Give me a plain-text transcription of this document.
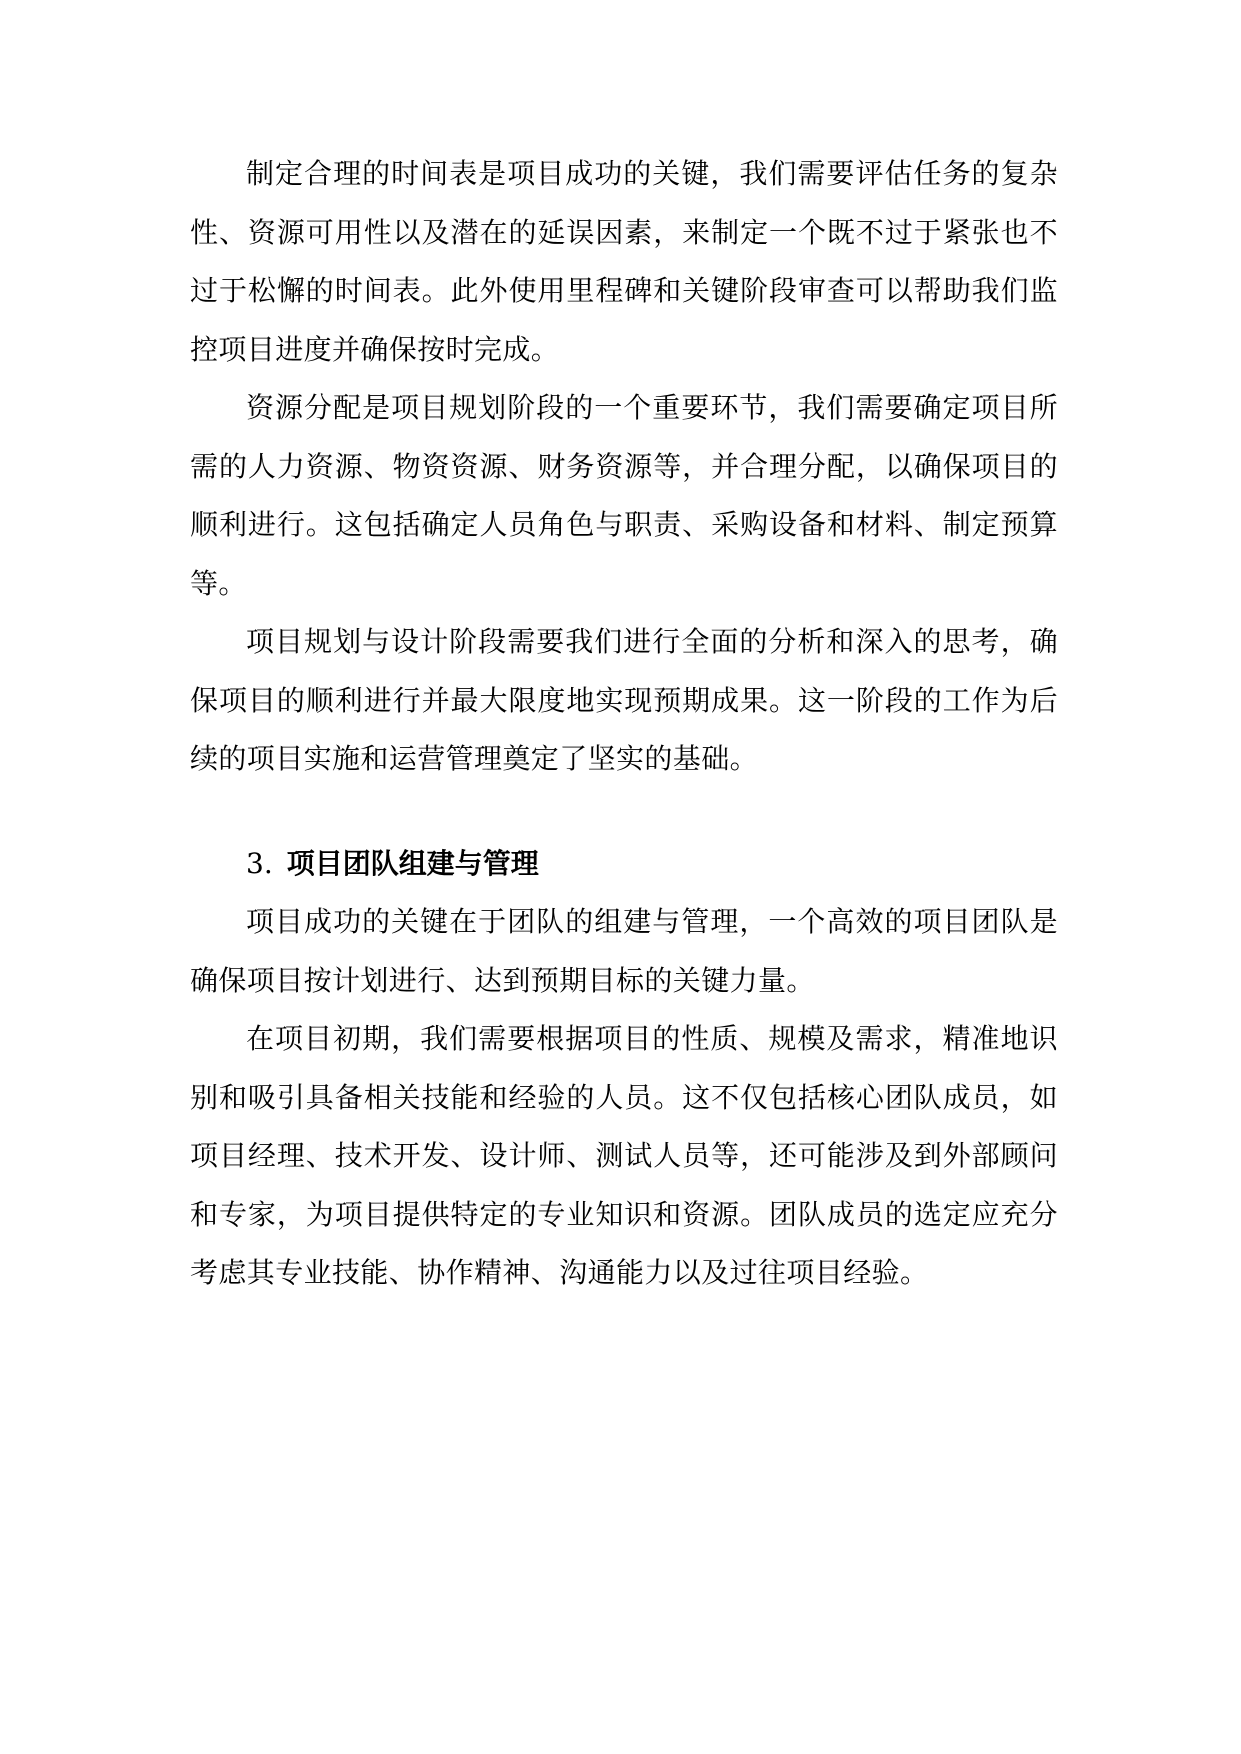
制定合理的时间表是项目成功的关键，我们需要评估任务的复杂性、资源可用性以及潜在的延误因素，来制定一个既不过于紧张也不过于松懈的时间表。此外使用里程碑和关键阶段审查可以帮助我们监控项目进度并确保按时完成。

资源分配是项目规划阶段的一个重要环节，我们需要确定项目所需的人力资源、物资资源、财务资源等，并合理分配，以确保项目的顺利进行。这包括确定人员角色与职责、采购设备和材料、制定预算等。

项目规划与设计阶段需要我们进行全面的分析和深入的思考，确保项目的顺利进行并最大限度地实现预期成果。这一阶段的工作为后续的项目实施和运营管理奠定了坚实的基础。

3. 项目团队组建与管理

项目成功的关键在于团队的组建与管理，一个高效的项目团队是确保项目按计划进行、达到预期目标的关键力量。

在项目初期，我们需要根据项目的性质、规模及需求，精准地识别和吸引具备相关技能和经验的人员。这不仅包括核心团队成员，如项目经理、技术开发、设计师、测试人员等，还可能涉及到外部顾问和专家，为项目提供特定的专业知识和资源。团队成员的选定应充分考虑其专业技能、协作精神、沟通能力以及过往项目经验。
